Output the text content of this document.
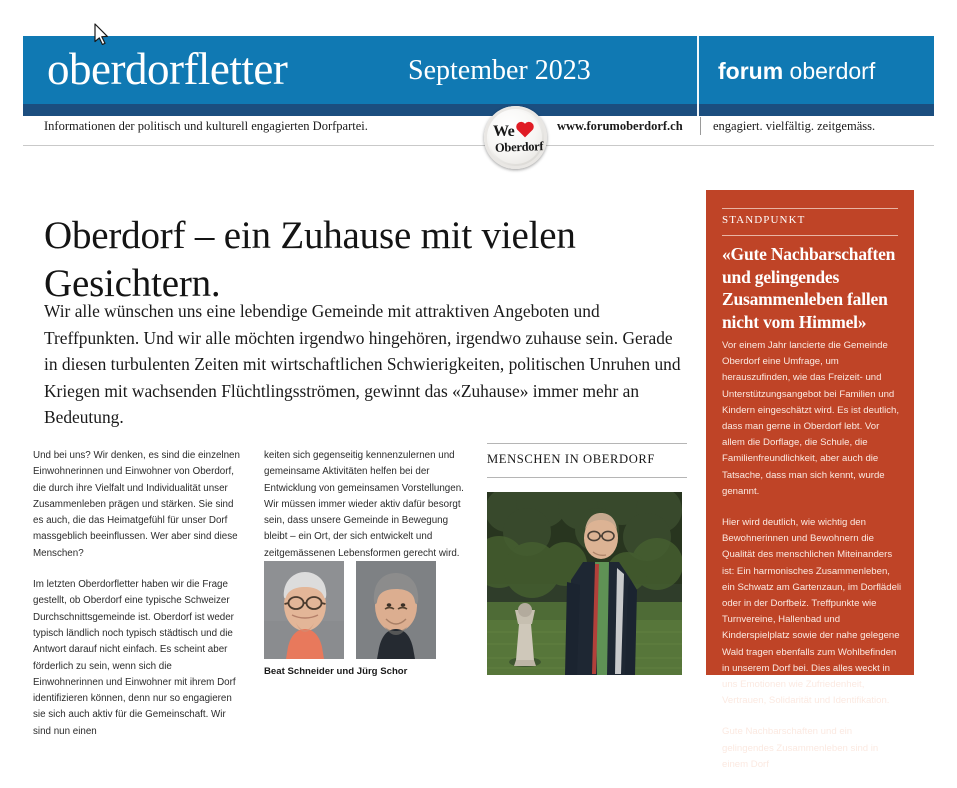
oberdorfletter	September 2023	forum oberdorf
Informationen der politisch und kulturell engagierten Dorfpartei.	www.forumoberdorf.ch engagiert. vielfältig. zeitgemäss.
We
Oberdorf
Oberdorf – ein Zuhause mit vielen Gesichtern.
Wir alle wünschen uns eine lebendige Gemeinde mit attraktiven Angeboten und Treffpunkten. Und wir alle möchten irgendwo hingehören, irgendwo zuhause sein. Gerade in diesen turbulenten Zeiten mit wirtschaftlichen Schwierigkeiten, politischen Unruhen und Kriegen mit wachsenden Flüchtlingsströmen, gewinnt das «Zuhause» immer mehr an Bedeutung.

Und bei uns? Wir denken, es sind die einzelnen Einwohnerinnen und Einwohner von Oberdorf, die durch ihre Vielfalt und Individualität unser Zusammenleben prägen und stärken. Sie sind es auch, die das Heimatgefühl für unser Dorf massgeblich beeinflussen. Wer aber sind diese Menschen?

Im letzten Oberdorfletter haben wir die Frage gestellt, ob Oberdorf eine typische Schweizer Durchschnittsgemeinde ist. Oberdorf ist weder typisch ländlich noch typisch städtisch und die Antwort darauf nicht einfach. Es scheint aber förderlich zu sein, wenn sich die Einwohnerinnen und Einwohner mit ihrem Dorf identifizieren können, denn nur so engagieren sie sich auch aktiv für die Gemeinschaft. Wir sind nun einen

keiten sich gegenseitig kennenzulernen und gemeinsame Aktivitäten helfen bei der Entwicklung von gemeinsamen Vorstellungen. Wir müssen immer wieder aktiv dafür besorgt sein, dass unsere Gemeinde in Bewegung bleibt – ein Ort, der sich entwickelt und zeitgemässenen Lebensformen gerecht wird.

Beat Schneider und Jürg Schor
MENSCHEN IN OBERDORF
STANDPUNKT
«Gute Nachbarschaften und gelingendes Zusammenleben fallen nicht vom Himmel»

Vor einem Jahr lancierte die Gemeinde Oberdorf eine Umfrage, um herauszufinden, wie das Freizeit- und Unterstützungsangebot bei Familien und Kindern eingeschätzt wird. Es ist deutlich, dass man gerne in Oberdorf lebt. Vor allem die Dorflage, die Schule, die Familienfreundlichkeit, aber auch die Tatsache, dass man sich kennt, wurde genannt.

Hier wird deutlich, wie wichtig den Bewohnerinnen und Bewohnern die Qualität des menschlichen Miteinanders ist: Ein harmonisches Zusammenleben, ein Schwatz am Gartenzaun, im Dorflädeli oder in der Dorfbeiz. Treffpunkte wie Turnvereine, Hallenbad und Kinderspielplatz sowie der nahe gelegene Wald tragen ebenfalls zum Wohlbefinden in unserem Dorf bei. Dies alles weckt in uns Emotionen wie Zufriedenheit, Vertrauen, Solidarität und Identifikation.

Gute Nachbarschaften und ein gelingendes Zusammenleben sind in einem Dorf
